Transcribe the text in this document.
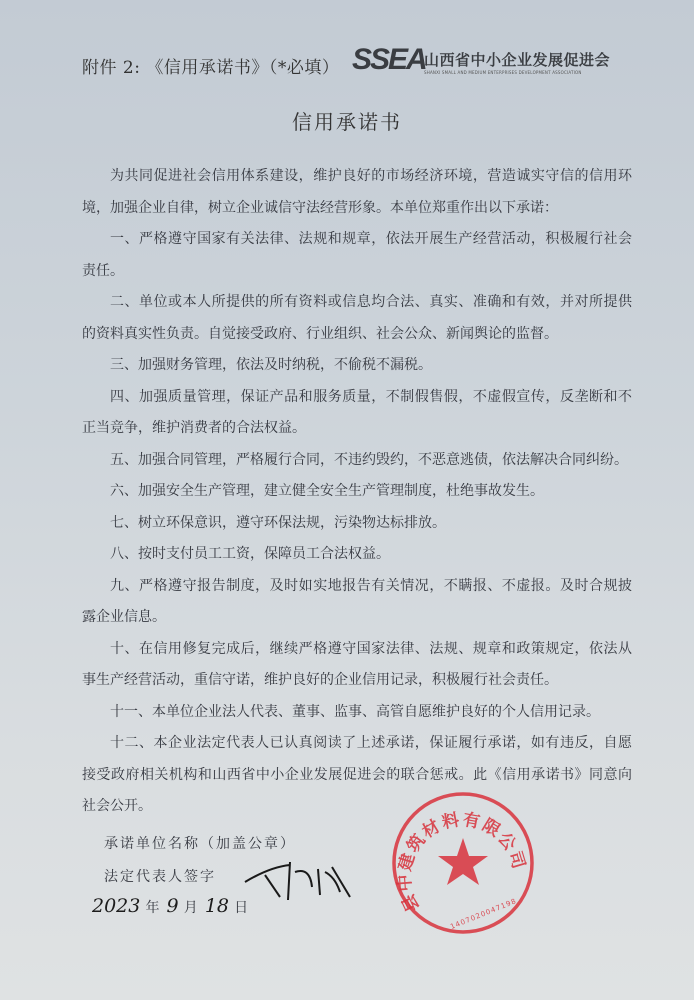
附件 2: 《信用承诺书》（*必填） SSEA
山西省中小企业发展促进会
SHANXI SMALL AND MEDIUM ENTERPRISES DEVELOPMENT ASSOCIATION
信用承诺书
为共同促进社会信用体系建设，维护良好的市场经济环境，营造诚实守信的信用环
境，加强企业自律，树立企业诚信守法经营形象。本单位郑重作出以下承诺：
一、严格遵守国家有关法律、法规和规章，依法开展生产经营活动，积极履行社会
责任。
二、单位或本人所提供的所有资料或信息均合法、真实、准确和有效，并对所提供
的资料真实性负责。自觉接受政府、行业组织、社会公众、新闻舆论的监督。
三、加强财务管理，依法及时纳税，不偷税不漏税。
四、加强质量管理，保证产品和服务质量，不制假售假，不虚假宣传，反垄断和不
正当竞争，维护消费者的合法权益。
五、加强合同管理，严格履行合同，不违约毁约，不恶意逃债，依法解决合同纠纷。
六、加强安全生产管理，建立健全安全生产管理制度，杜绝事故发生。
七、树立环保意识，遵守环保法规，污染物达标排放。
八、按时支付员工工资，保障员工合法权益。
九、严格遵守报告制度，及时如实地报告有关情况，不瞒报、不虚报。及时合规披
露企业信息。
十、在信用修复完成后，继续严格遵守国家法律、法规、规章和政策规定，依法从
事生产经营活动，重信守诺，维护良好的企业信用记录，积极履行社会责任。
十一、本单位企业法人代表、董事、监事、高管自愿维护良好的个人信用记录。
十二、本企业法定代表人已认真阅读了上述承诺，保证履行承诺，如有违反，自愿
接受政府相关机构和山西省中小企业发展促进会的联合惩戒。此《信用承诺书》同意向
社会公开。
承诺单位名称（加盖公章）
法定代表人签字
2023 年 9 月 18 日	县中建筑材料有限公司
1407020047198
